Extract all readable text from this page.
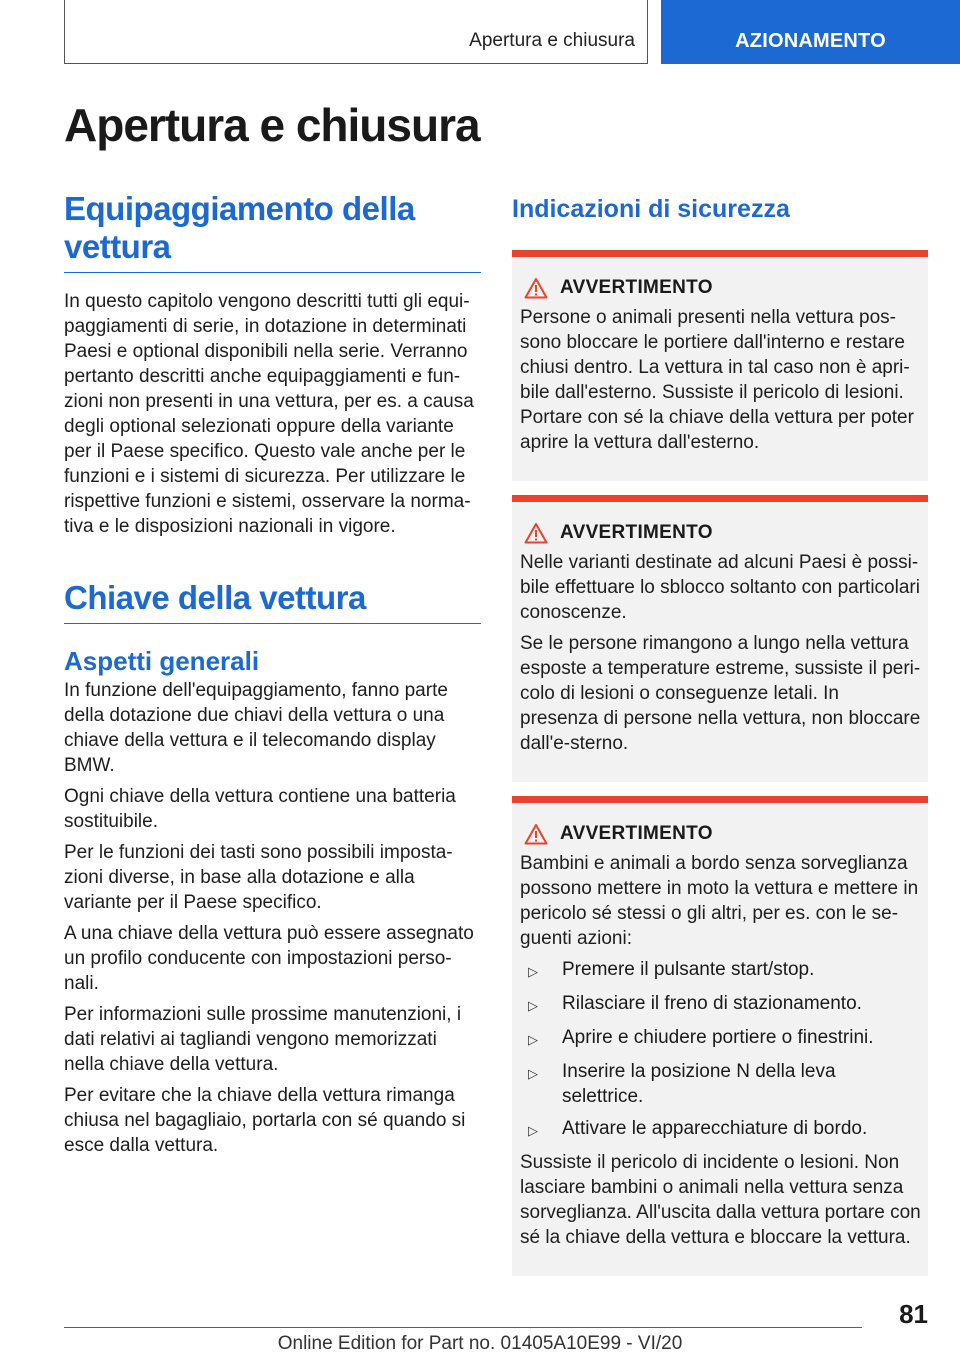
Apertura e chiusura	AZIONAMENTO
Apertura e chiusura
Equipaggiamento della vettura

In questo capitolo vengono descritti tutti gli equi-paggiamenti di serie, in dotazione in determinati Paesi e optional disponibili nella serie. Verranno pertanto descritti anche equipaggiamenti e fun-zioni non presenti in una vettura, per es. a causa degli optional selezionati oppure della variante per il Paese specifico. Questo vale anche per le funzioni e i sistemi di sicurezza. Per utilizzare le rispettive funzioni e sistemi, osservare la norma-tiva e le disposizioni nazionali in vigore.

Chiave della vettura
Aspetti generali

In funzione dell'equipaggiamento, fanno parte della dotazione due chiavi della vettura o una chiave della vettura e il telecomando display BMW.

Ogni chiave della vettura contiene una batteria sostituibile.

Per le funzioni dei tasti sono possibili imposta-zioni diverse, in base alla dotazione e alla variante per il Paese specifico.

A una chiave della vettura può essere assegnato un profilo conducente con impostazioni perso-nali.

Per informazioni sulle prossime manutenzioni, i dati relativi ai tagliandi vengono memorizzati nella chiave della vettura.

Per evitare che la chiave della vettura rimanga chiusa nel bagagliaio, portarla con sé quando si esce dalla vettura.

Indicazioni di sicurezza
AVVERTIMENTO

Persone o animali presenti nella vettura pos-sono bloccare le portiere dall'interno e restare chiusi dentro. La vettura in tal caso non è apri-bile dall'esterno. Sussiste il pericolo di lesioni. Portare con sé la chiave della vettura per poter aprire la vettura dall'esterno.

AVVERTIMENTO

Nelle varianti destinate ad alcuni Paesi è possi-bile effettuare lo sblocco soltanto con particolari conoscenze.

Se le persone rimangono a lungo nella vettura esposte a temperature estreme, sussiste il peri-colo di lesioni o conseguenze letali. In presenza di persone nella vettura, non bloccare dall'e-sterno.

AVVERTIMENTO

Bambini e animali a bordo senza sorveglianza possono mettere in moto la vettura e mettere in pericolo sé stessi o gli altri, per es. con le se-guenti azioni:

▷	Premere il pulsante start/stop.
▷	Rilasciare il freno di stazionamento.
▷	Aprire e chiudere portiere o finestrini.
▷	Inserire la posizione N della leva selettrice.
▷	Attivare le apparecchiature di bordo.

Sussiste il pericolo di incidente o lesioni. Non lasciare bambini o animali nella vettura senza sorveglianza. All'uscita dalla vettura portare con sé la chiave della vettura e bloccare la vettura.

81
Online Edition for Part no. 01405A10E99 - VI/20
